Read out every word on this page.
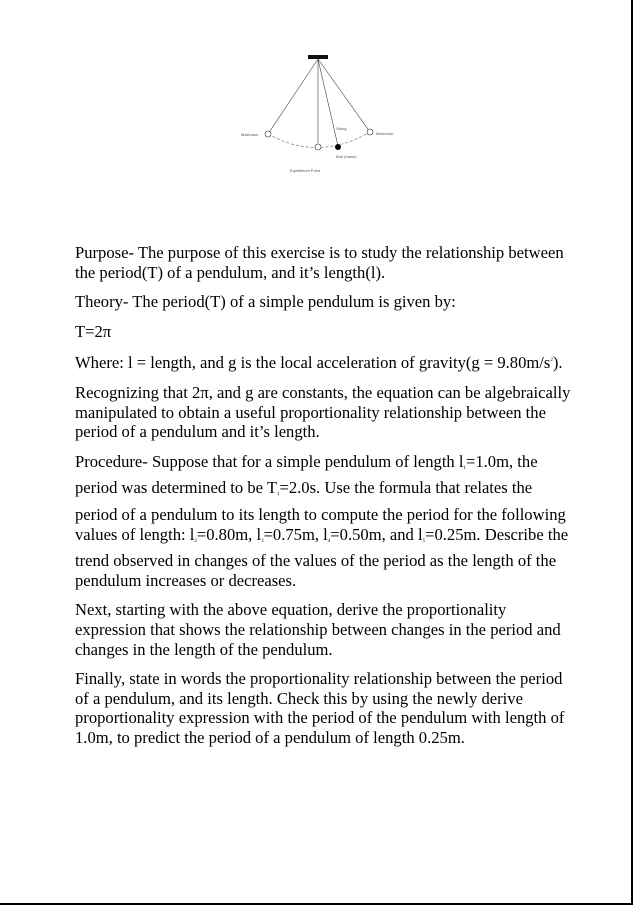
Maximum	Maximum
String
Equilibrium Point
Bob (mass)

Purpose- The purpose of this exercise is to study the relationship between the period(T) of a pendulum, and it’s length(l).

Theory- The period(T) of a simple pendulum is given by:

T=2π

Where: l = length, and g is the local acceleration of gravity(g = $9.80m/s^2$).

Recognizing that 2π, and g are constants, the equation can be algebraically manipulated to obtain a useful proportionality relationship between the period of a pendulum and it’s length.

Procedure- Suppose that for a simple pendulum of length $l_1=1.0m$, the period was determined to be $T_1=2.0s$. Use the formula that relates the period of a pendulum to its length to compute the period for the following values of length: $l_2=0.80m$, $l_3=0.75m$, $l_4=0.50m$, and $l_5=0.25m$. Describe the trend observed in changes of the values of the period as the length of the pendulum increases or decreases.

Next, starting with the above equation, derive the proportionality expression that shows the relationship between changes in the period and changes in the length of the pendulum.

Finally, state in words the proportionality relationship between the period of a pendulum, and its length. Check this by using the newly derive proportionality expression with the period of the pendulum with length of 1.0m, to predict the period of a pendulum of length 0.25m.
